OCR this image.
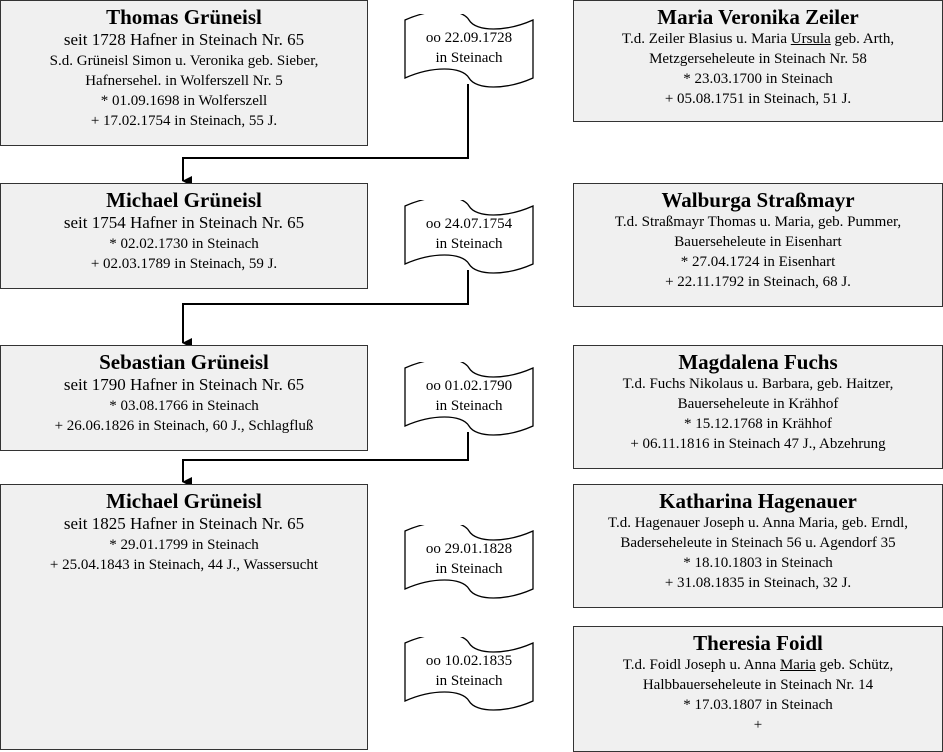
Thomas Grüneisl
seit 1728 Hafner in Steinach Nr. 65
S.d. Grüneisl Simon u. Veronika geb. Sieber,
Hafnersehel. in Wolferszell Nr. 5
* 01.09.1698 in Wolferszell
+ 17.02.1754 in Steinach, 55 J.
Michael Grüneisl
seit 1754 Hafner in Steinach Nr. 65
* 02.02.1730 in Steinach
+ 02.03.1789 in Steinach, 59 J.
Sebastian Grüneisl
seit 1790 Hafner in Steinach Nr. 65
* 03.08.1766 in Steinach
+ 26.06.1826 in Steinach, 60 J., Schlagfluß
Michael Grüneisl
seit 1825 Hafner in Steinach Nr. 65
* 29.01.1799 in Steinach
+ 25.04.1843 in Steinach, 44 J., Wassersucht
oo 22.09.1728
in Steinach
oo 24.07.1754
in Steinach
oo 01.02.1790
in Steinach
oo 29.01.1828
in Steinach
oo 10.02.1835
in Steinach
Maria Veronika Zeiler
T.d. Zeiler Blasius u. Maria Ursula geb. Arth,
Metzgerseheleute in Steinach Nr. 58
* 23.03.1700 in Steinach
+ 05.08.1751 in Steinach, 51 J.
Walburga Straßmayr
T.d. Straßmayr Thomas u. Maria, geb. Pummer,
Bauerseheleute in Eisenhart
* 27.04.1724 in Eisenhart
+ 22.11.1792 in Steinach, 68 J.
Magdalena Fuchs
T.d. Fuchs Nikolaus u. Barbara, geb. Haitzer,
Bauerseheleute in Krähhof
* 15.12.1768 in Krähhof
+ 06.11.1816 in Steinach 47 J., Abzehrung
Katharina Hagenauer
T.d. Hagenauer Joseph u. Anna Maria, geb. Erndl,
Baderseheleute in Steinach 56 u. Agendorf 35
* 18.10.1803 in Steinach
+ 31.08.1835 in Steinach, 32 J.
Theresia Foidl
T.d. Foidl Joseph u. Anna Maria geb. Schütz,
Halbbauerseheleute in Steinach Nr. 14
* 17.03.1807 in Steinach
+
